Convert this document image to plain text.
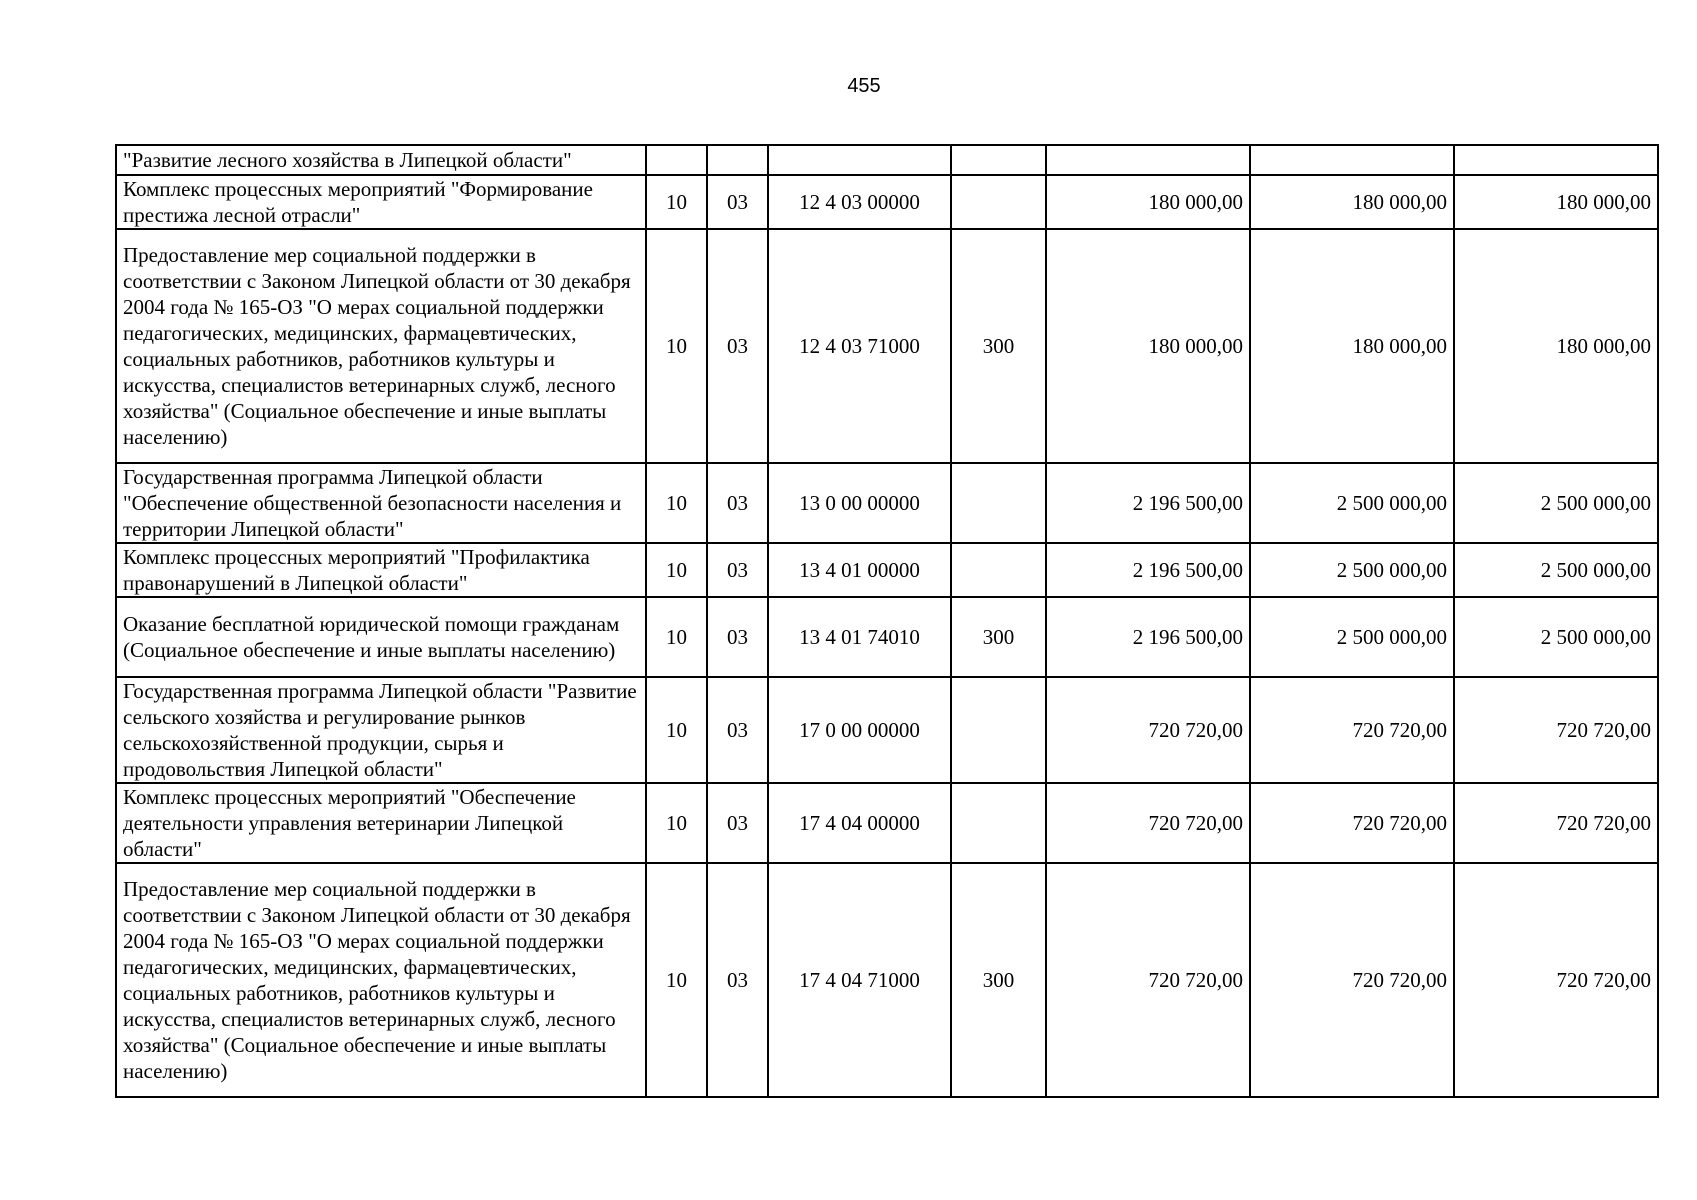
455
"Развитие лесного хозяйства в Липецкой области"							
Комплекс процессных мероприятий "Формирование престижа лесной отрасли"	10	03	12 4 03 00000		180 000,00	180 000,00	180 000,00
Предоставление мер социальной поддержки в соответствии с Законом Липецкой области от 30 декабря 2004 года № 165-ОЗ "О мерах социальной поддержки педагогических, медицинских, фармацевтических, социальных работников, работников культуры и искусства, специалистов ветеринарных служб, лесного хозяйства" (Социальное обеспечение и иные выплаты населению)	10	03	12 4 03 71000	300	180 000,00	180 000,00	180 000,00
Государственная программа Липецкой области "Обеспечение общественной безопасности населения и территории Липецкой области"	10	03	13 0 00 00000		2 196 500,00	2 500 000,00	2 500 000,00
Комплекс процессных мероприятий "Профилактика правонарушений в Липецкой области"	10	03	13 4 01 00000		2 196 500,00	2 500 000,00	2 500 000,00
Оказание бесплатной юридической помощи гражданам (Социальное обеспечение и иные выплаты населению)	10	03	13 4 01 74010	300	2 196 500,00	2 500 000,00	2 500 000,00
Государственная программа Липецкой области "Развитие сельского хозяйства и регулирование рынков сельскохозяйственной продукции, сырья и продовольствия Липецкой области"	10	03	17 0 00 00000		720 720,00	720 720,00	720 720,00
Комплекс процессных мероприятий "Обеспечение деятельности управления ветеринарии Липецкой области"	10	03	17 4 04 00000		720 720,00	720 720,00	720 720,00
Предоставление мер социальной поддержки в соответствии с Законом Липецкой области от 30 декабря 2004 года № 165-ОЗ "О мерах социальной поддержки педагогических, медицинских, фармацевтических, социальных работников, работников культуры и искусства, специалистов ветеринарных служб, лесного хозяйства" (Социальное обеспечение и иные выплаты населению)	10	03	17 4 04 71000	300	720 720,00	720 720,00	720 720,00
